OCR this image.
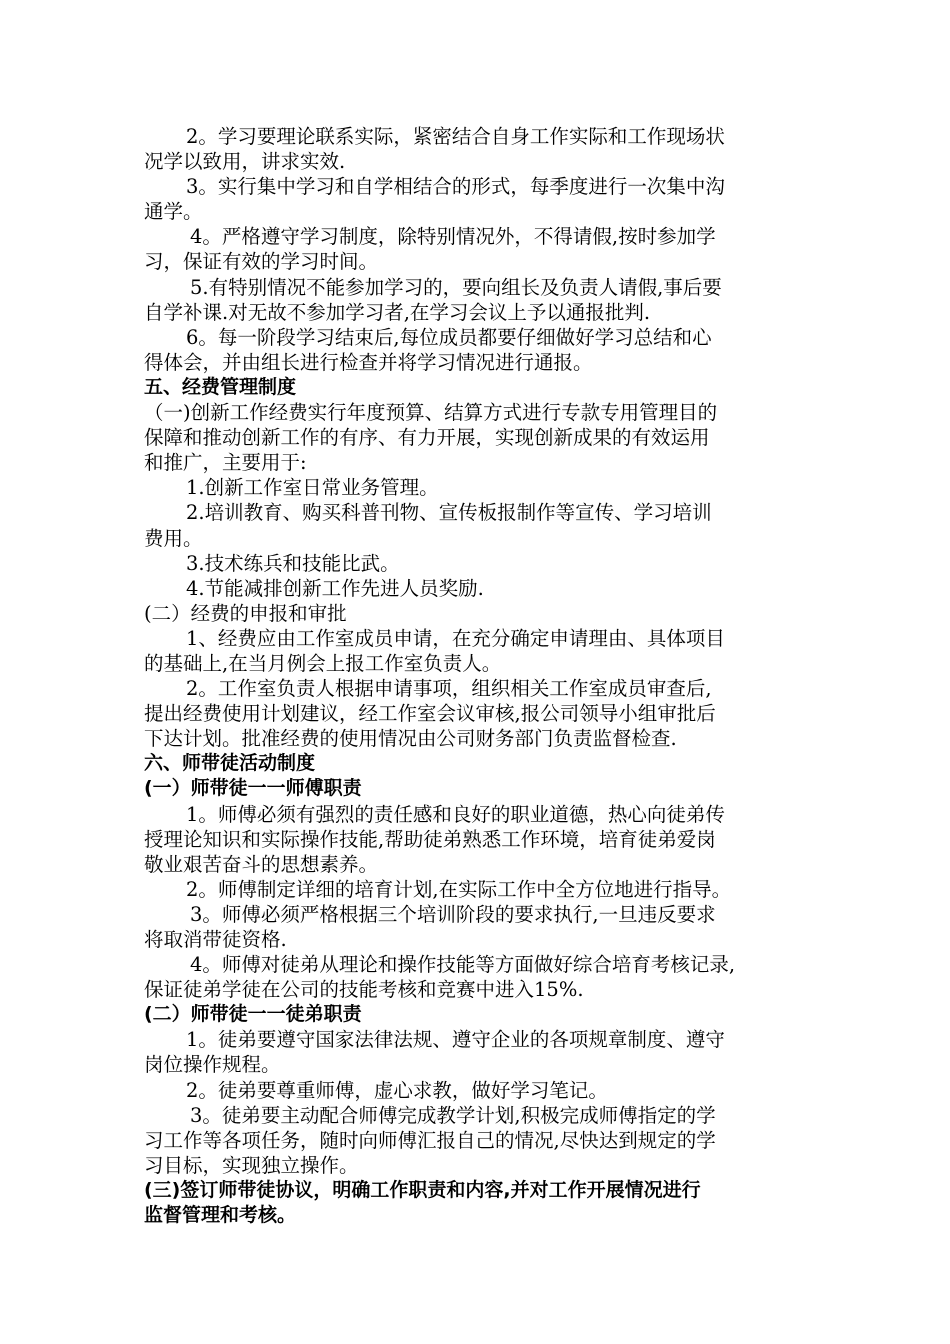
2。学习要理论联系实际，紧密结合自身工作实际和工作现场状
况学以致用，讲求实效.
3。实行集中学习和自学相结合的形式，每季度进行一次集中沟
通学。
4。严格遵守学习制度，除特别情况外，不得请假,按时参加学
习，保证有效的学习时间。
5.有特别情况不能参加学习的，要向组长及负责人请假,事后要
自学补课.对无故不参加学习者,在学习会议上予以通报批判.
6。每一阶段学习结束后,每位成员都要仔细做好学习总结和心
得体会，并由组长进行检查并将学习情况进行通报。
五、经费管理制度
（一)创新工作经费实行年度预算、结算方式进行专款专用管理目的
保障和推动创新工作的有序、有力开展，实现创新成果的有效运用
和推广，主要用于:
1.创新工作室日常业务管理。
2.培训教育、购买科普刊物、宣传板报制作等宣传、学习培训
费用。
3.技术练兵和技能比武。
4.节能减排创新工作先进人员奖励.
(二）经费的申报和审批
1、经费应由工作室成员申请，在充分确定申请理由、具体项目
的基础上,在当月例会上报工作室负责人。
2。工作室负责人根据申请事项，组织相关工作室成员审查后,
提出经费使用计划建议，经工作室会议审核,报公司领导小组审批后
下达计划。批准经费的使用情况由公司财务部门负责监督检查.
六、师带徒活动制度
(一）师带徒一一师傅职责
1。师傅必须有强烈的责任感和良好的职业道德，热心向徒弟传
授理论知识和实际操作技能,帮助徒弟熟悉工作环境，培育徒弟爱岗
敬业艰苦奋斗的思想素养。
2。师傅制定详细的培育计划,在实际工作中全方位地进行指导。
3。师傅必须严格根据三个培训阶段的要求执行,一旦违反要求
将取消带徒资格.
4。师傅对徒弟从理论和操作技能等方面做好综合培育考核记录,
保证徒弟学徒在公司的技能考核和竞赛中进入15%.
(二）师带徒一一徒弟职责
1。徒弟要遵守国家法律法规、遵守企业的各项规章制度、遵守
岗位操作规程。
2。徒弟要尊重师傅，虚心求教，做好学习笔记。
3。徒弟要主动配合师傅完成教学计划,积极完成师傅指定的学
习工作等各项任务，随时向师傅汇报自己的情况,尽快达到规定的学
习目标，实现独立操作。
(三)签订师带徒协议，明确工作职责和内容,并对工作开展情况进行
监督管理和考核。
